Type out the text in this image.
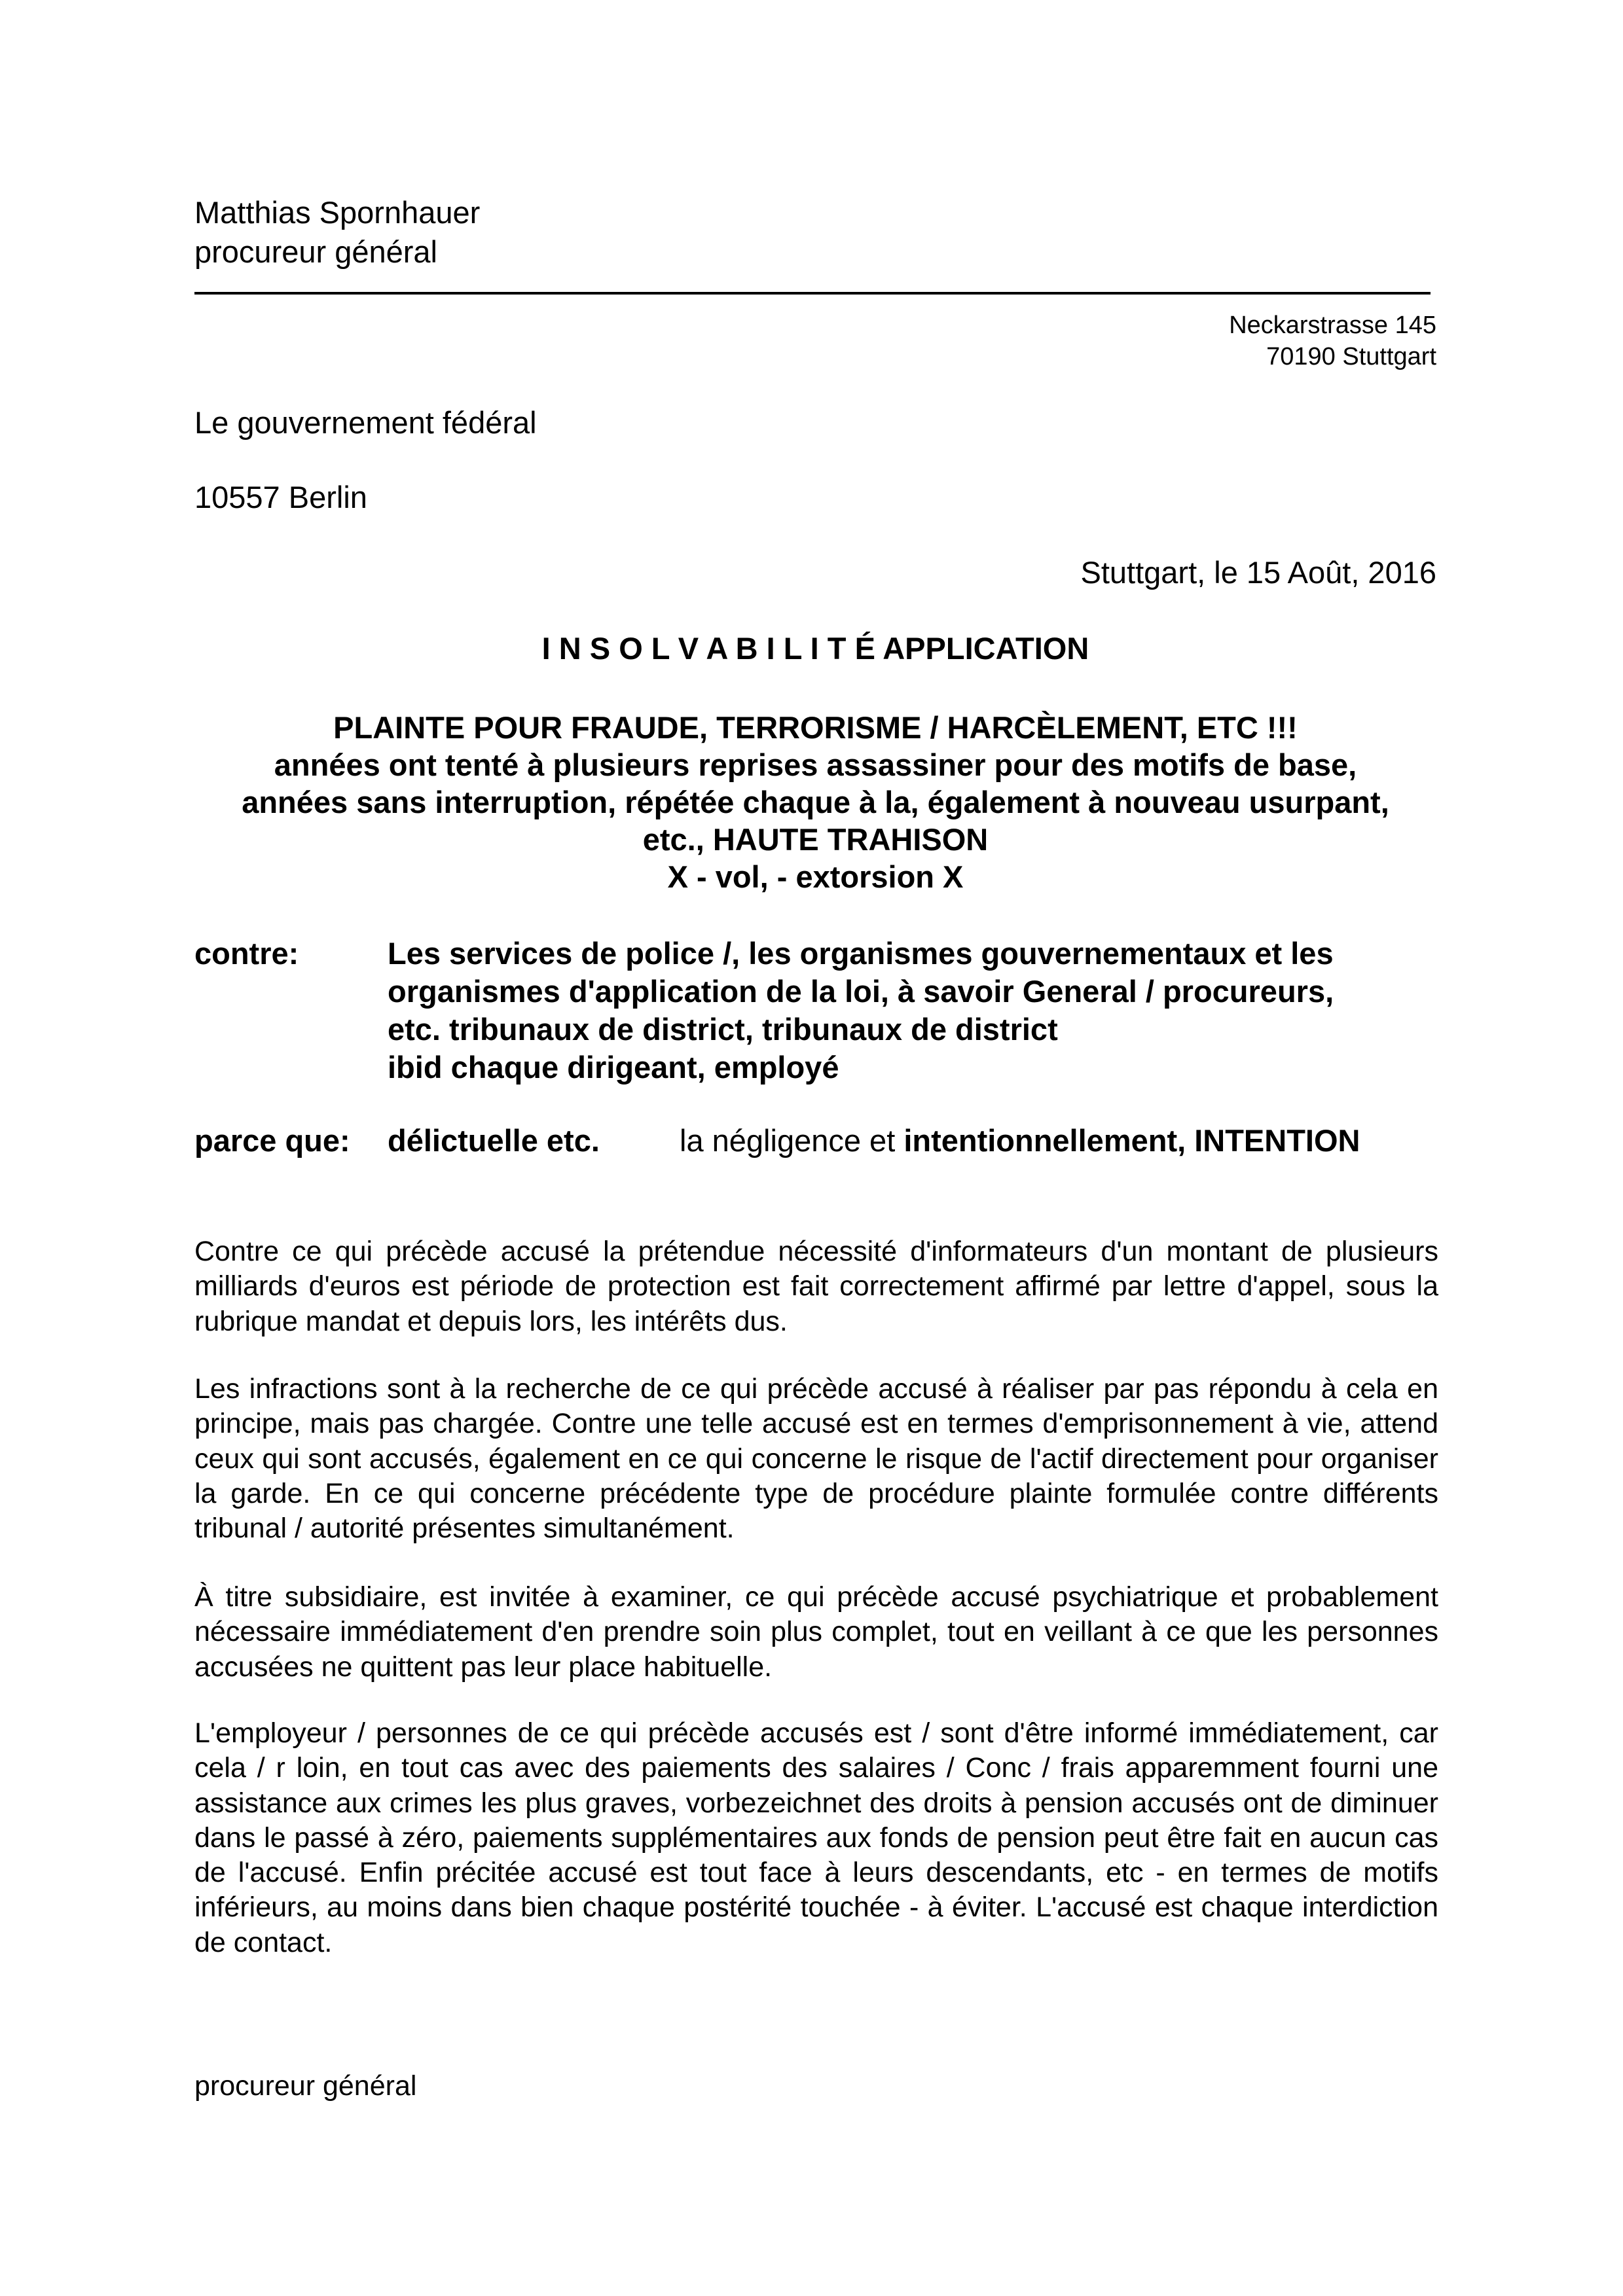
Matthias Spornhauer
procureur général
Neckarstrasse 145
70190 Stuttgart
Le gouvernement fédéral
10557 Berlin
Stuttgart, le 15 Août, 2016
I N S O L V A B I L I T É APPLICATION
PLAINTE POUR FRAUDE, TERRORISME / HARCÈLEMENT, ETC !!!
années ont tenté à plusieurs reprises assassiner pour des motifs de base,
années sans interruption, répétée chaque à la, également à nouveau usurpant,
etc., HAUTE TRAHISON
X - vol, - extorsion X
contre:	Les services de police /, les organismes gouvernementaux et les
organismes d'application de la loi, à savoir General / procureurs,
etc. tribunaux de district, tribunaux de district
ibid chaque dirigeant, employé
parce que: délictuelle etc.	la négligence et intentionnellement, INTENTION
Contre ce qui précède accusé la prétendue nécessité d'informateurs d'un montant de plusieurs milliards d'euros est période de protection est fait correctement affirmé par lettre d'appel, sous la rubrique mandat et depuis lors, les intérêts dus.
Les infractions sont à la recherche de ce qui précède accusé à réaliser par pas répondu à cela en principe, mais pas chargée. Contre une telle accusé est en termes d'emprisonnement à vie, attend ceux qui sont accusés, également en ce qui concerne le risque de l'actif directement pour organiser la garde. En ce qui concerne précédente type de procédure plainte formulée contre différents tribunal / autorité présentes simultanément.
À titre subsidiaire, est invitée à examiner, ce qui précède accusé psychiatrique et probablement nécessaire immédiatement d'en prendre soin plus complet, tout en veillant à ce que les personnes accusées ne quittent pas leur place habituelle.
L'employeur / personnes de ce qui précède accusés est / sont d'être informé immédiatement, car cela / r loin, en tout cas avec des paiements des salaires / Conc / frais apparemment fourni une assistance aux crimes les plus graves, vorbezeichnet des droits à pension accusés ont de diminuer dans le passé à zéro, paiements supplémentaires aux fonds de pension peut être fait en aucun cas de l'accusé. Enfin précitée accusé est tout face à leurs descendants, etc - en termes de motifs inférieurs, au moins dans bien chaque postérité touchée - à éviter. L'accusé est chaque interdiction de contact.
procureur général
